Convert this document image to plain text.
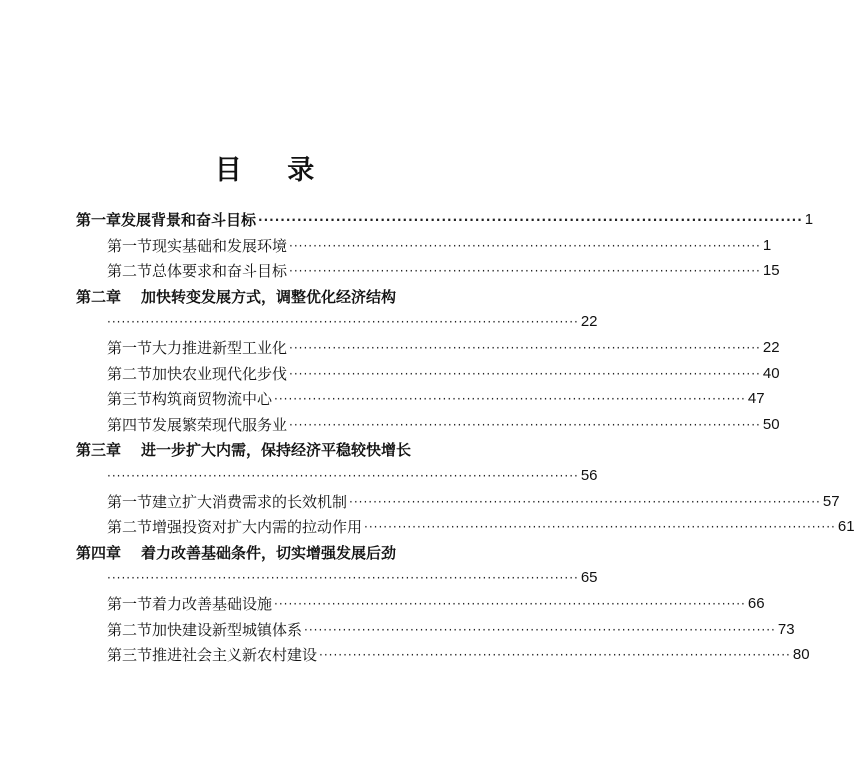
目 录
第一章 发展背景和奋斗目标 ·································································································· 1
第一节 现实基础和发展环境 ·································································································· 1
第二节 总体要求和奋斗目标 ·································································································· 15
第二章 加快转变发展方式，调整优化经济结构
·································································································· 22
第一节 大力推进新型工业化 ·································································································· 22
第二节 加快农业现代化步伐 ·································································································· 40
第三节 构筑商贸物流中心 ·································································································· 47
第四节 发展繁荣现代服务业 ·································································································· 50
第三章 进一步扩大内需，保持经济平稳较快增长
·································································································· 56
第一节 建立扩大消费需求的长效机制 ·································································································· 57
第二节 增强投资对扩大内需的拉动作用 ·································································································· 61
第四章 着力改善基础条件，切实增强发展后劲
·································································································· 65
第一节 着力改善基础设施 ·································································································· 66
第二节 加快建设新型城镇体系 ·································································································· 73
第三节 推进社会主义新农村建设 ·································································································· 80
